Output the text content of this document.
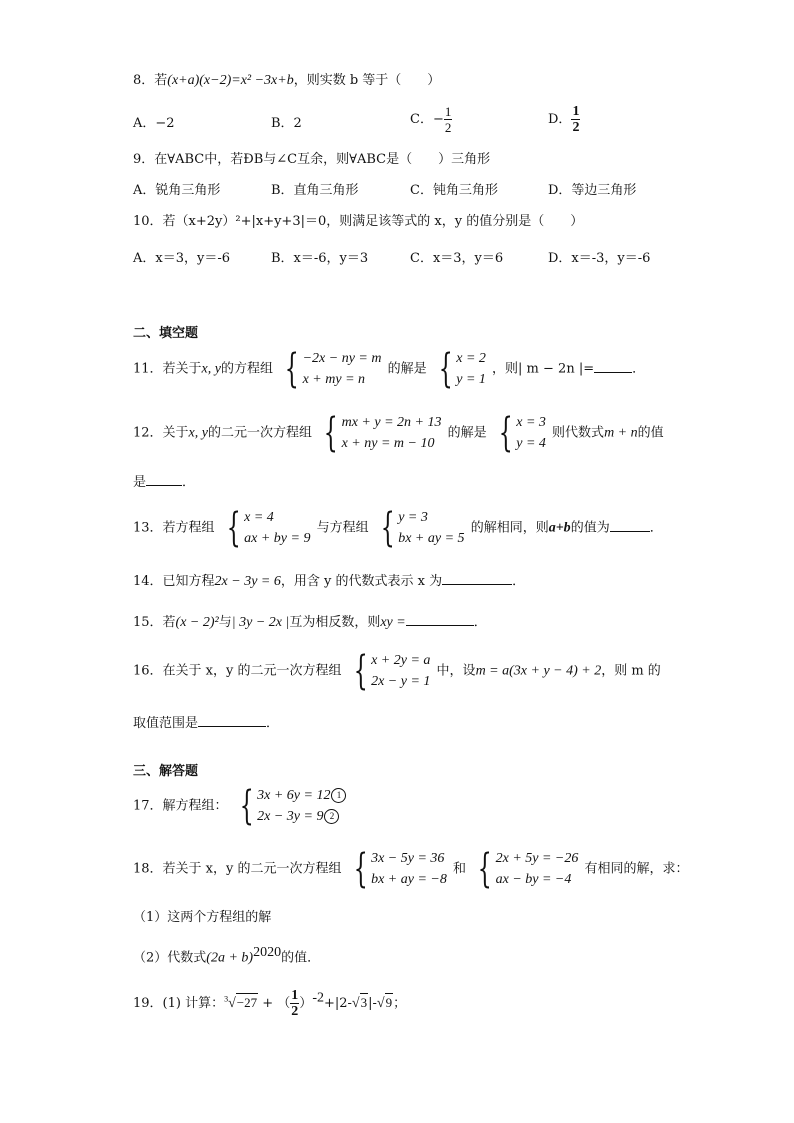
8．若(x+a)(x−2)=x² −3x+b，则实数 b 等于（　　）
A．−2	B．2	C．− $\frac{1}{2}$	D． $\frac{1}{2}$
9．在∀ABC中，若ÐB与∠C互余，则∀ABC是（　　）三角形
A．锐角三角形	B．直角三角形	C．钝角三角形	D．等边三角形
10．若（x+2y）²+|x+y+3|＝0，则满足该等式的 x，y 的值分别是（　　）
A．x＝3，y＝-6	B．x＝-6，y＝3	C．x＝3，y＝6	D．x＝-3，y＝-6
二、填空题
11．若关于x, y的方程组 { −2x − ny = m
x + my = n
的解是 { x = 2
y = 1
，则| m − 2n |=	．
12．关于x, y的二元一次方程组 { mx + y = 2n + 13
x + ny = m − 10
的解是 { x = 3
y = 4
则代数式m + n的值
是	．
13．若方程组 { x = 4
ax + by = 9
与方程组 { y = 3
bx + ay = 5
的解相同，则a+b的值为	．
14．已知方程2x − 3y = 6，用含 y 的代数式表示 x 为	．
15．若(x − 2)²与| 3y − 2x |互为相反数，则xy =	．
16．在关于 x，y 的二元一次方程组 { x + 2y = a
2x − y = 1
中，设m = a(3x + y − 4) + 2，则 m 的
取值范围是	．
三、解答题
17．解方程组： { 3x + 6y = 12 1
2x − 3y = 9 2
18．若关于 x，y 的二元一次方程组 { 3x − 5y = 36
bx + ay = −8
和 { 2x + 5y = −26
ax − by = −4
有相同的解，求：
（1）这两个方程组的解
（2）代数式$(2a + b)^{2020}$的值．
19．(1) 计算：$^3$√−27 + （ $\frac{1}{2} )^{-2}+|2-√3|-√9$；
